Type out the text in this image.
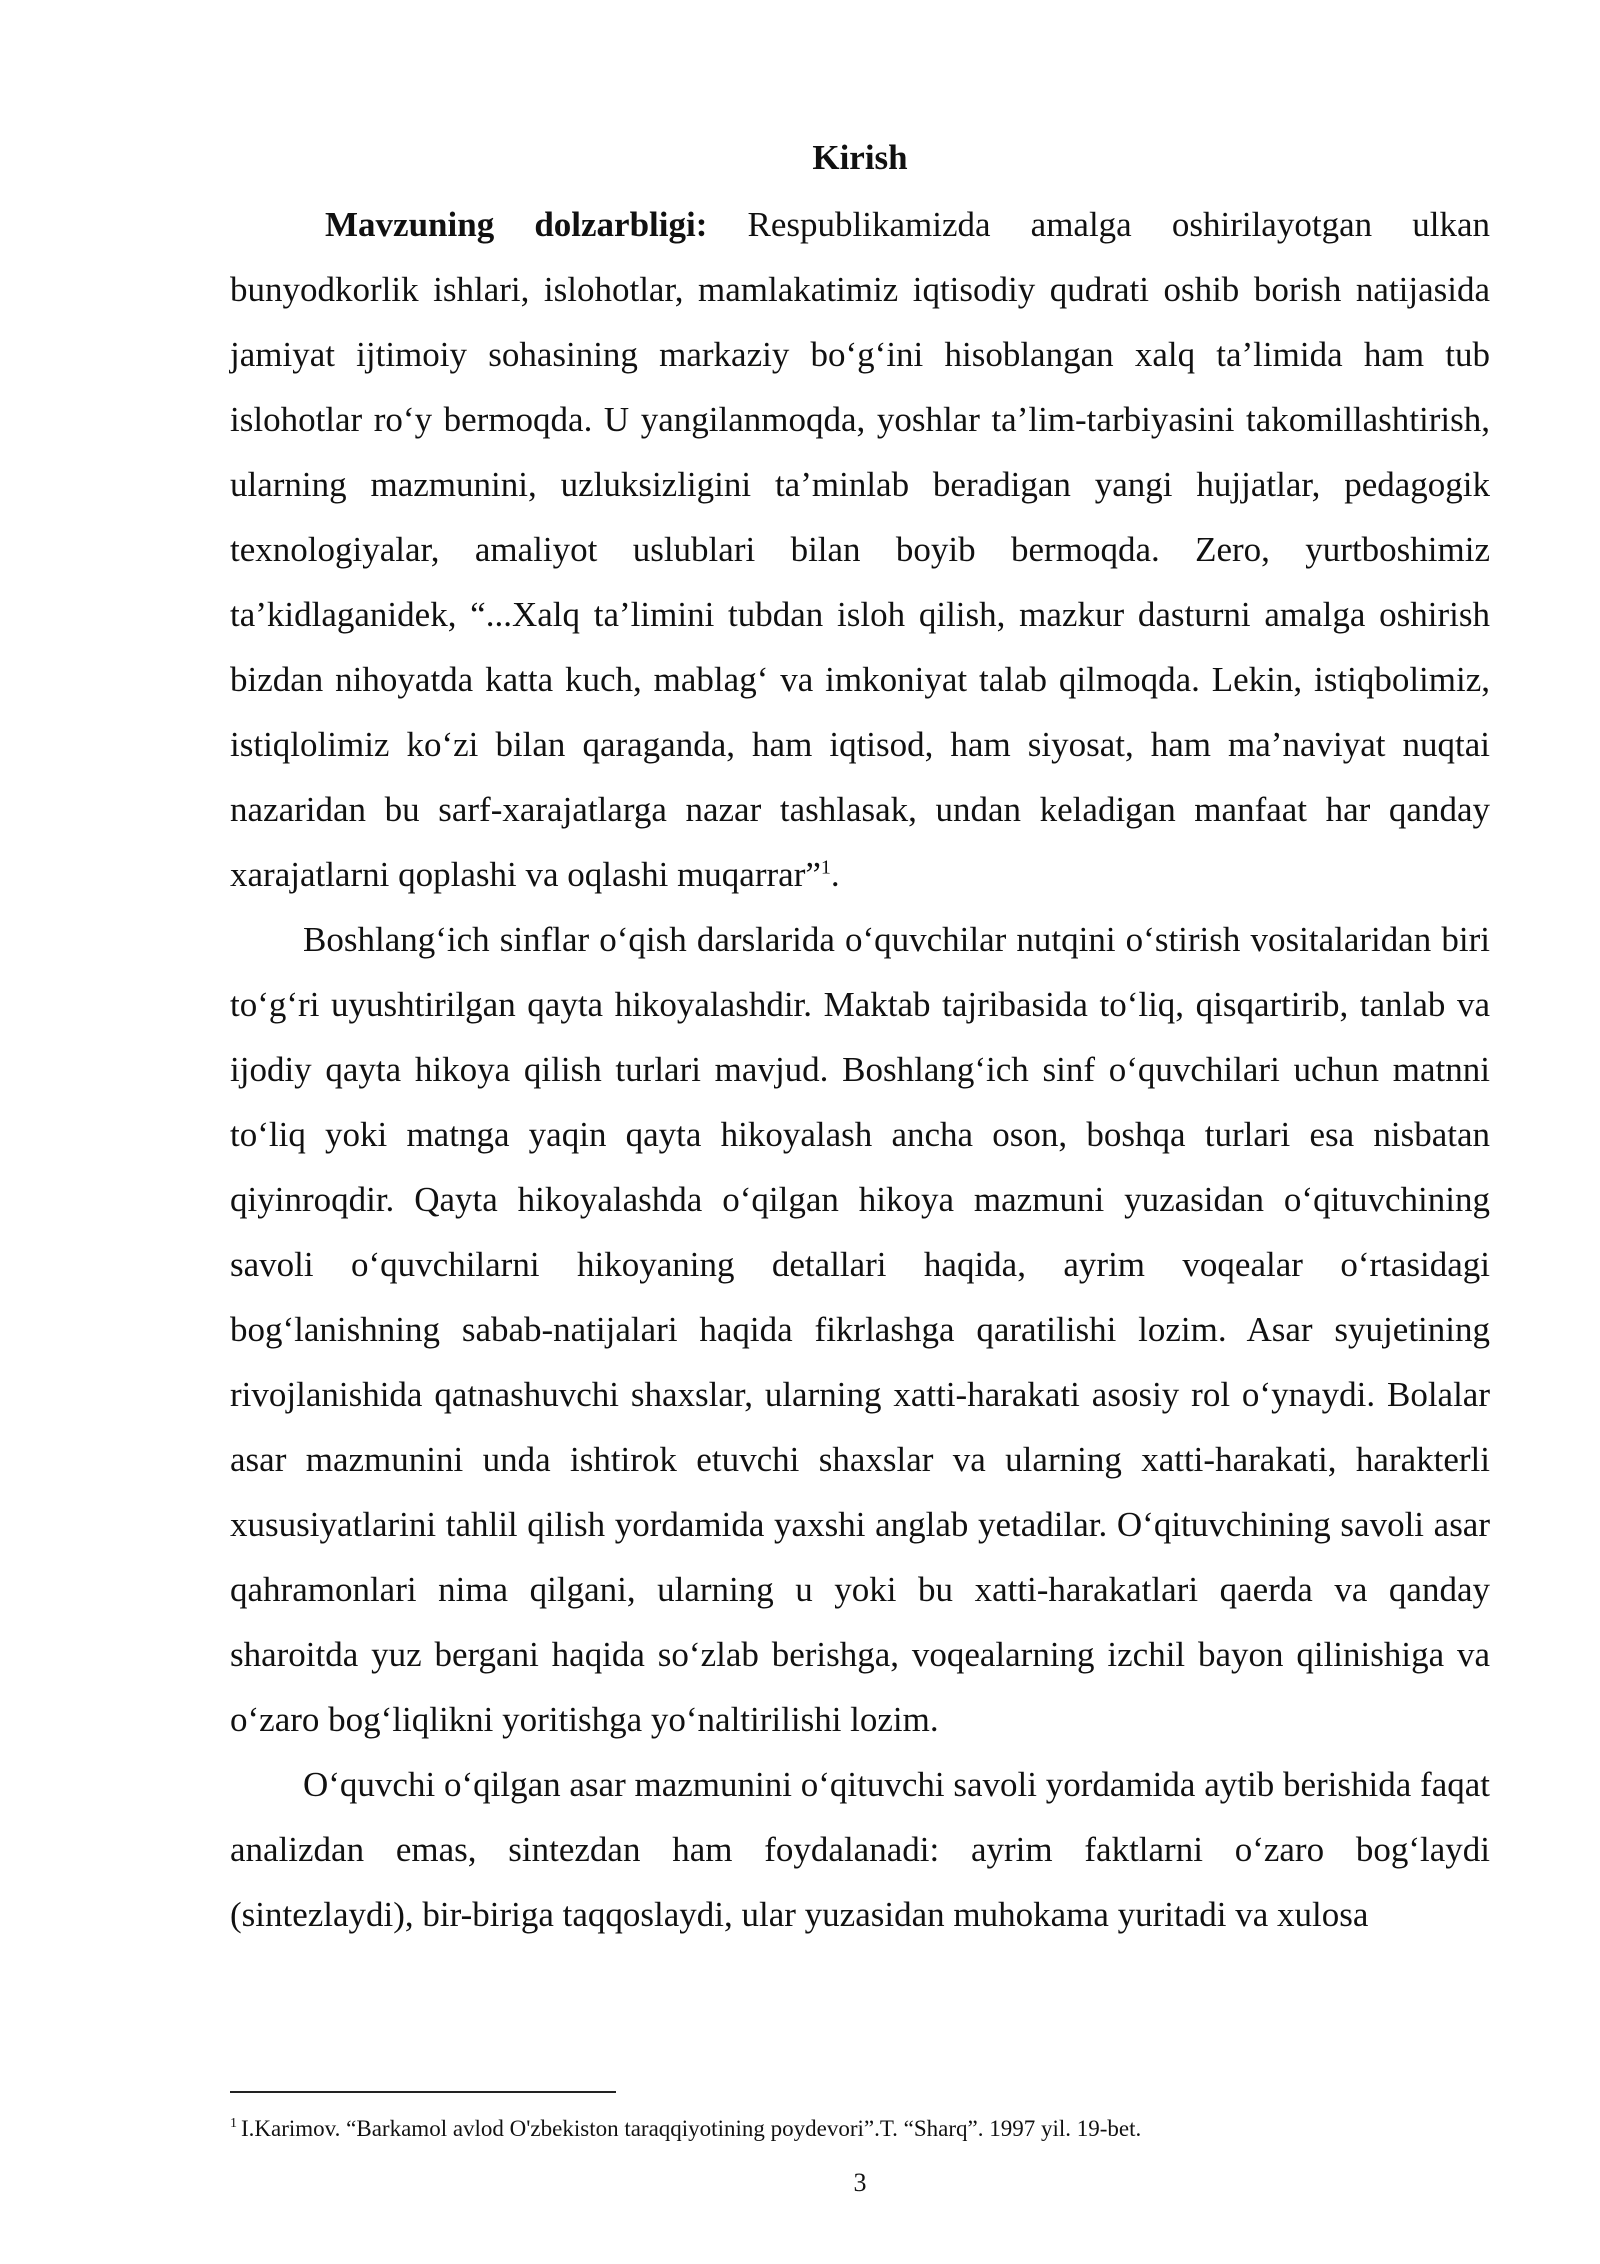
Kirish

Mavzuning dolzarbligi: Respublikamizda amalga oshirilayotgan ulkan bunyodkorlik ishlari, islohotlar, mamlakatimiz iqtisodiy qudrati oshib borish natijasida jamiyat ijtimoiy sohasining markaziy bo‘g‘ini hisoblangan xalq ta’limida ham tub islohotlar ro‘y bermoqda. U yangilanmoqda, yoshlar ta’lim-tarbiyasini takomillashtirish, ularning mazmunini, uzluksizligini ta’minlab beradigan yangi hujjatlar, pedagogik texnologiyalar, amaliyot uslublari bilan boyib bermoqda. Zero, yurtboshimiz ta’kidlaganidek, “...Xalq ta’limini tubdan isloh qilish, mazkur dasturni amalga oshirish bizdan nihoyatda katta kuch, mablag‘ va imkoniyat talab qilmoqda. Lekin, istiqbolimiz, istiqlolimiz ko‘zi bilan qaraganda, ham iqtisod, ham siyosat, ham ma’naviyat nuqtai nazaridan bu sarf-xarajatlarga nazar tashlasak, undan keladigan manfaat har qanday xarajatlarni qoplashi va oqlashi muqarrar”$^1$.

Boshlang‘ich sinflar o‘qish darslarida o‘quvchilar nutqini o‘stirish vositalaridan biri to‘g‘ri uyushtirilgan qayta hikoyalashdir. Maktab tajribasida to‘liq, qisqartirib, tanlab va ijodiy qayta hikoya qilish turlari mavjud. Boshlang‘ich sinf o‘quvchilari uchun matnni to‘liq yoki matnga yaqin qayta hikoyalash ancha oson, boshqa turlari esa nisbatan qiyinroqdir. Qayta hikoyalashda o‘qilgan hikoya mazmuni yuzasidan o‘qituvchining savoli o‘quvchilarni hikoyaning detallari haqida, ayrim voqealar o‘rtasidagi bog‘lanishning sabab-natijalari haqida fikrlashga qaratilishi lozim. Asar syujetining rivojlanishida qatnashuvchi shaxslar, ularning xatti-harakati asosiy rol o‘ynaydi. Bolalar asar mazmunini unda ishtirok etuvchi shaxslar va ularning xatti-harakati, harakterli xususiyatlarini tahlil qilish yordamida yaxshi anglab yetadilar. O‘qituvchining savoli asar qahramonlari nima qilgani, ularning u yoki bu xatti-harakatlari qaerda va qanday sharoitda yuz bergani haqida so‘zlab berishga, voqealarning izchil bayon qilinishiga va o‘zaro bog‘liqlikni yoritishga yo‘naltirilishi lozim.

O‘quvchi o‘qilgan asar mazmunini o‘qituvchi savoli yordamida aytib berishida faqat analizdan emas, sintezdan ham foydalanadi: ayrim faktlarni o‘zaro bog‘laydi (sintezlaydi), bir-biriga taqqoslaydi, ular yuzasidan muhokama yuritadi va xulosa

$^1$ I.Karimov. “Barkamol avlod O'zbekiston taraqqiyotining poydevori”.T. “Sharq”. 1997 yil. 19-bet.
3
